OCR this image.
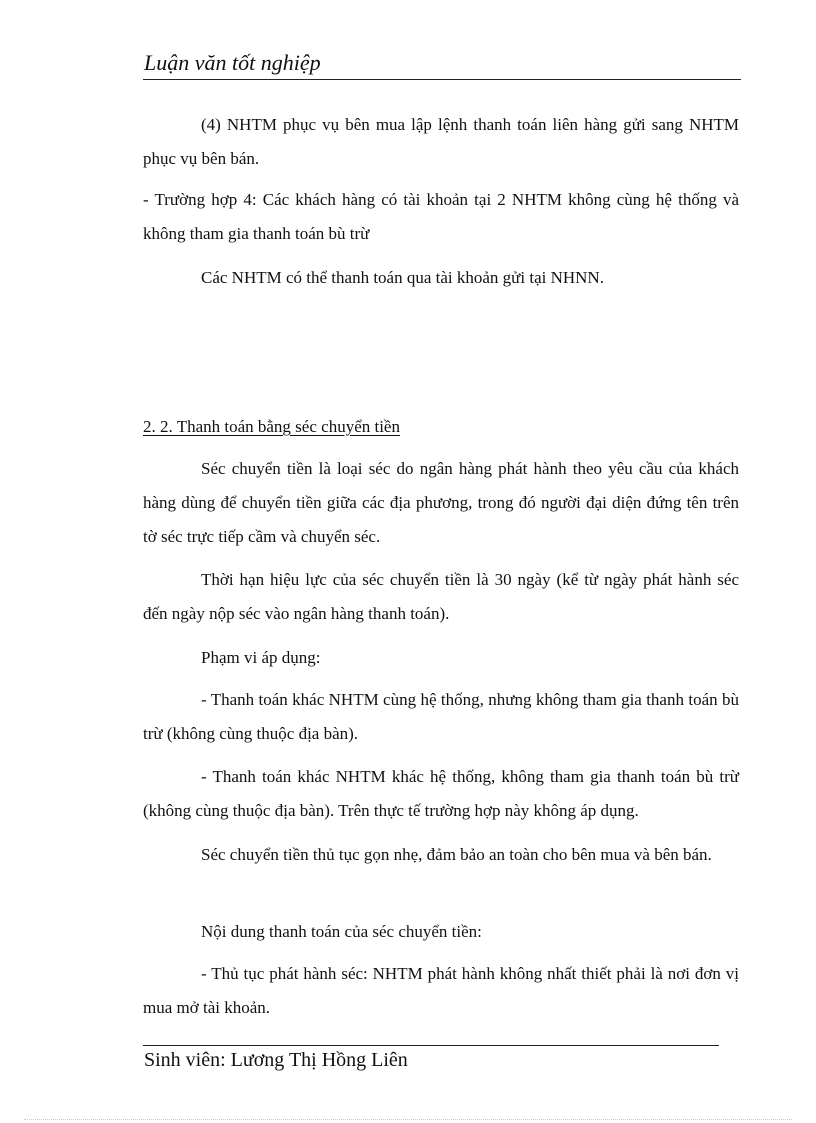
Luận văn tốt nghiệp

(4) NHTM phục vụ bên mua lập lệnh thanh toán liên hàng gửi sang NHTM phục vụ bên bán.

- Trường hợp 4: Các khách hàng có tài khoản tại 2 NHTM không cùng hệ thống và không tham gia thanh toán bù trừ

Các NHTM có thể thanh toán qua tài khoản gửi tại NHNN.

2. 2. Thanh toán bằng séc chuyển tiền

Séc chuyển tiền là loại séc do ngân hàng phát hành theo yêu cầu của khách hàng dùng để chuyển tiền giữa các địa phương, trong đó người đại diện đứng tên trên tờ séc trực tiếp cầm và chuyển séc.

Thời hạn hiệu lực của séc chuyển tiền là 30 ngày (kể từ ngày phát hành séc đến ngày nộp séc vào ngân hàng thanh toán).

Phạm vi áp dụng:

- Thanh toán khác NHTM cùng hệ thống, nhưng không tham gia thanh toán bù trừ (không cùng thuộc địa bàn).

- Thanh toán khác NHTM khác hệ thống, không tham gia thanh toán bù trừ (không cùng thuộc địa bàn). Trên thực tế trường hợp này không áp dụng.

Séc chuyển tiền thủ tục gọn nhẹ, đảm bảo an toàn cho bên mua và bên bán.

Nội dung thanh toán của séc chuyển tiền:

- Thủ tục phát hành séc: NHTM phát hành không nhất thiết phải là nơi đơn vị mua mở tài khoản.

Sinh viên: Lương Thị Hồng Liên
